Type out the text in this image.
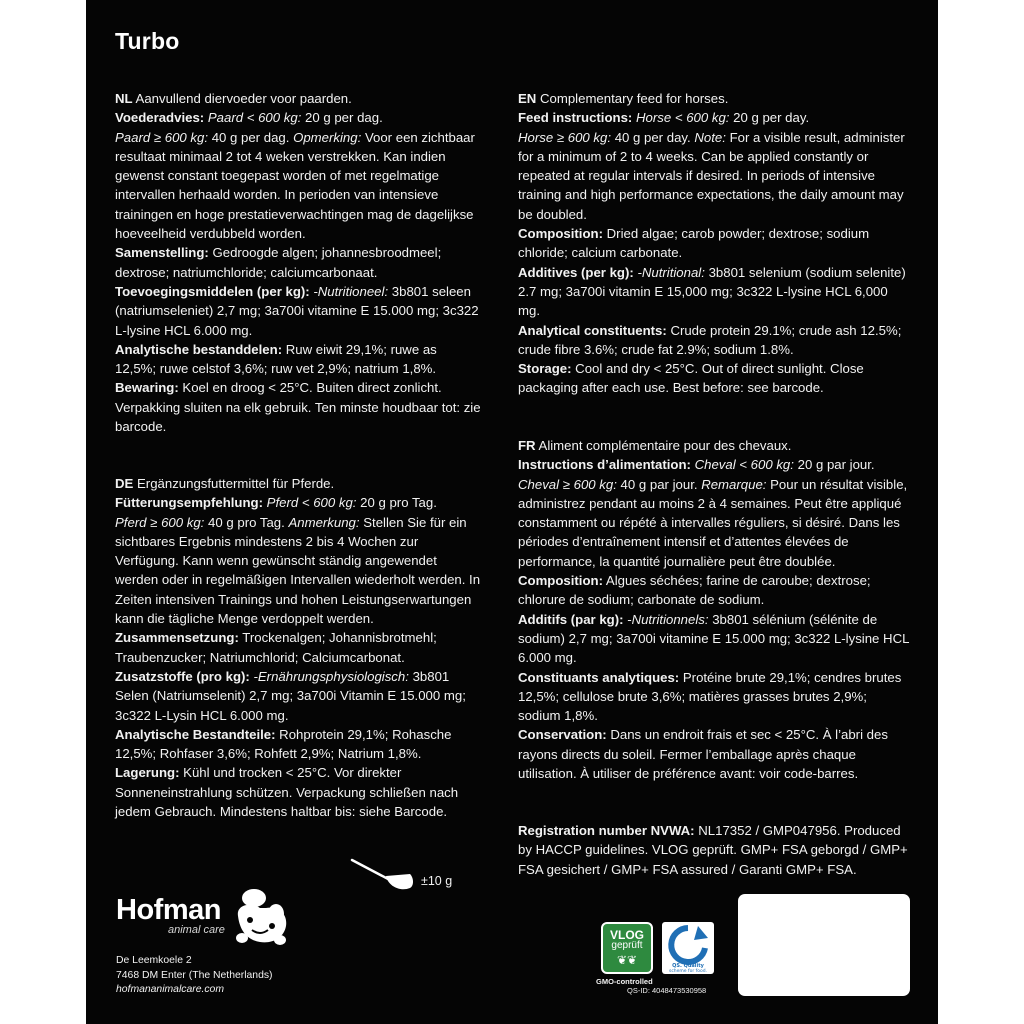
Turbo

NL Aanvullend diervoeder voor paarden.

Voederadvies: Paard < 600 kg: 20 g per dag.
Paard ≥ 600 kg: 40 g per dag. Opmerking: Voor een zichtbaar resultaat minimaal 2 tot 4 weken verstrekken. Kan indien gewenst constant toegepast worden of met regelmatige intervallen herhaald worden. In perioden van intensieve trainingen en hoge prestatieverwachtingen mag de dagelijkse hoeveelheid verdubbeld worden.

Samenstelling: Gedroogde algen; johannesbroodmeel; dextrose; natriumchloride; calciumcarbonaat.

Toevoegingsmiddelen (per kg): -Nutritioneel: 3b801 seleen (natriumseleniet) 2,7 mg; 3a700i vitamine E 15.000 mg; 3c322 L-lysine HCL 6.000 mg.

Analytische bestanddelen: Ruw eiwit 29,1%; ruwe as 12,5%; ruwe celstof 3,6%; ruw vet 2,9%; natrium 1,8%.

Bewaring: Koel en droog < 25°C. Buiten direct zonlicht. Verpakking sluiten na elk gebruik. Ten minste houdbaar tot: zie barcode.

DE Ergänzungsfuttermittel für Pferde.

Fütterungsempfehlung: Pferd < 600 kg: 20 g pro Tag.
Pferd ≥ 600 kg: 40 g pro Tag. Anmerkung: Stellen Sie für ein sichtbares Ergebnis mindestens 2 bis 4 Wochen zur Verfügung. Kann wenn gewünscht ständig angewendet werden oder in regelmäßigen Intervallen wiederholt werden. In Zeiten intensiven Trainings und hohen Leistungserwartungen kann die tägliche Menge verdoppelt werden.

Zusammensetzung: Trockenalgen; Johannisbrotmehl; Traubenzucker; Natriumchlorid; Calciumcarbonat.

Zusatzstoffe (pro kg): -Ernährungsphysiologisch: 3b801 Selen (Natriumselenit) 2,7 mg; 3a700i Vitamin E 15.000 mg; 3c322 L-Lysin HCL 6.000 mg.

Analytische Bestandteile: Rohprotein 29,1%; Rohasche 12,5%; Rohfaser 3,6%; Rohfett 2,9%; Natrium 1,8%.

Lagerung: Kühl und trocken < 25°C. Vor direkter Sonneneinstrahlung schützen. Verpackung schließen nach jedem Gebrauch. Mindestens haltbar bis: siehe Barcode.

EN Complementary feed for horses.

Feed instructions: Horse < 600 kg: 20 g per day.
Horse ≥ 600 kg: 40 g per day. Note: For a visible result, administer for a minimum of 2 to 4 weeks. Can be applied constantly or repeated at regular intervals if desired. In periods of intensive training and high performance expectations, the daily amount may be doubled.

Composition: Dried algae; carob powder; dextrose; sodium chloride; calcium carbonate.

Additives (per kg): -Nutritional: 3b801 selenium (sodium selenite) 2.7 mg; 3a700i vitamin E 15,000 mg; 3c322 L-lysine HCL 6,000 mg.

Analytical constituents: Crude protein 29.1%; crude ash 12.5%; crude fibre 3.6%; crude fat 2.9%; sodium 1.8%.

Storage: Cool and dry < 25°C. Out of direct sunlight. Close packaging after each use. Best before: see barcode.

FR Aliment complémentaire pour des chevaux.

Instructions d’alimentation: Cheval < 600 kg: 20 g par jour. Cheval ≥ 600 kg: 40 g par jour. Remarque: Pour un résultat visible, administrez pendant au moins 2 à 4 semaines. Peut être appliqué constamment ou répété à intervalles réguliers, si désiré. Dans les périodes d’entraînement intensif et d’attentes élevées de performance, la quantité journalière peut être doublée.

Composition: Algues séchées; farine de caroube; dextrose; chlorure de sodium; carbonate de sodium.

Additifs (par kg): -Nutritionnels: 3b801 sélénium (sélénite de sodium) 2,7 mg; 3a700i vitamine E 15.000 mg; 3c322 L-lysine HCL 6.000 mg.

Constituants analytiques: Protéine brute 29,1%; cendres brutes 12,5%; cellulose brute 3,6%; matières grasses brutes 2,9%; sodium 1,8%.

Conservation: Dans un endroit frais et sec < 25°C. À l’abri des rayons directs du soleil. Fermer l’emballage après chaque utilisation. À utiliser de préférence avant: voir code-barres.

Registration number NVWA: NL17352 / GMP047956. Produced by HACCP guidelines. VLOG geprüft. GMP+ FSA geborgd / GMP+ FSA gesichert / GMP+ FSA assured / Garanti GMP+ FSA.

±10 g
Hofman
animal care
De Leemkoele 2
7468 DM Enter (The Netherlands)
hofmananimalcare.com
VLOG
geprüft
❦❦
GMO-controlled
QS. Quality
scheme for food.
QS-ID: 4048473530958
